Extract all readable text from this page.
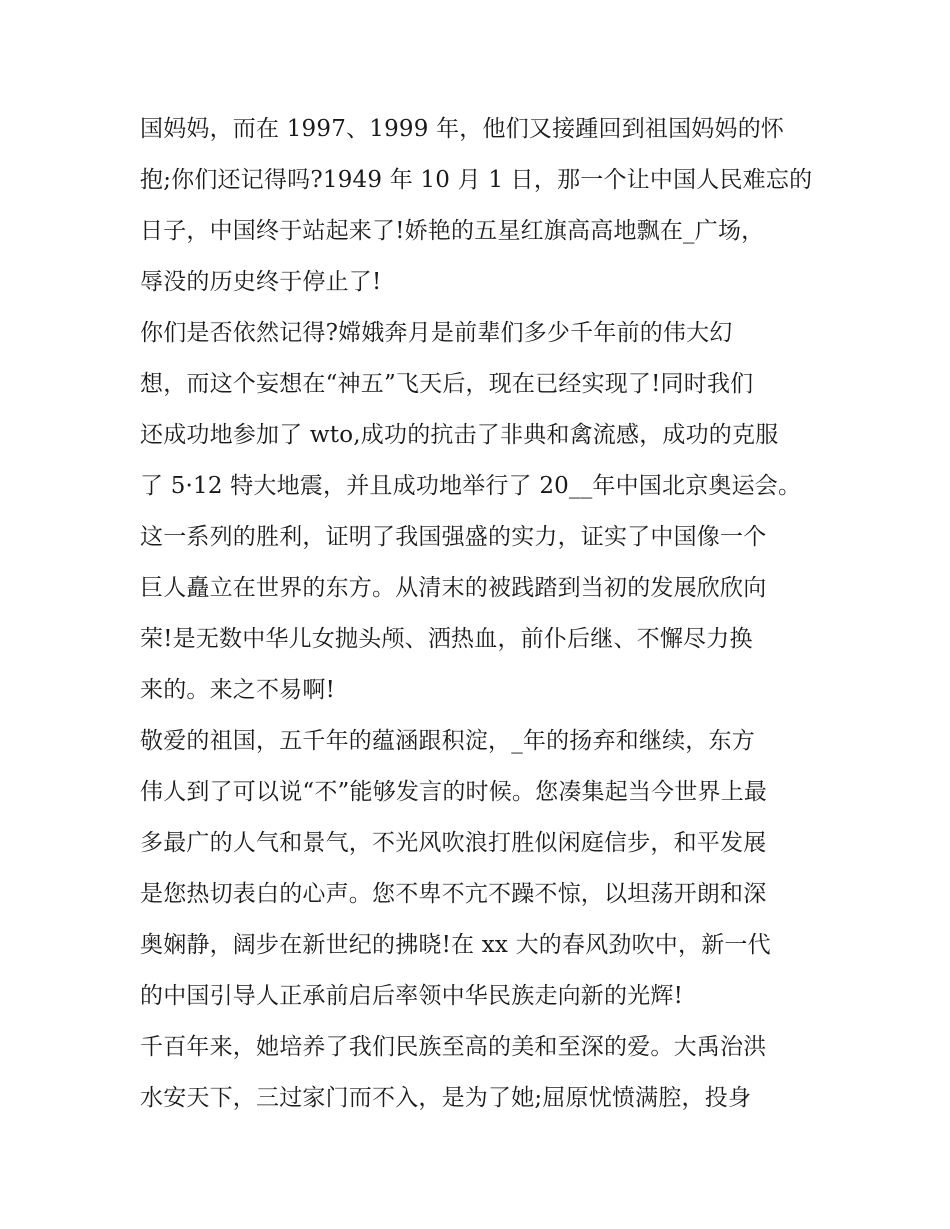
国妈妈，而在 1997、1999 年，他们又接踵回到祖国妈妈的怀
抱;你们还记得吗?1949 年 10 月 1 日，那一个让中国人民难忘的
日子，中国终于站起来了!娇艳的五星红旗高高地飘在_广场，
辱没的历史终于停止了!
你们是否依然记得?嫦娥奔月是前辈们多少千年前的伟大幻
想，而这个妄想在“神五”飞天后，现在已经实现了!同时我们
还成功地参加了 wto,成功的抗击了非典和禽流感，成功的克服
了 5·12 特大地震，并且成功地举行了 20__年中国北京奥运会。
这一系列的胜利，证明了我国强盛的实力，证实了中国像一个
巨人矗立在世界的东方。从清末的被践踏到当初的发展欣欣向
荣!是无数中华儿女抛头颅、洒热血，前仆后继、不懈尽力换
来的。来之不易啊!
敬爱的祖国，五千年的蕴涵跟积淀，_年的扬弃和继续，东方
伟人到了可以说“不”能够发言的时候。您凑集起当今世界上最
多最广的人气和景气，不光风吹浪打胜似闲庭信步，和平发展
是您热切表白的心声。您不卑不亢不躁不惊，以坦荡开朗和深
奥娴静，阔步在新世纪的拂晓!在 xx 大的春风劲吹中，新一代
的中国引导人正承前启后率领中华民族走向新的光辉!
千百年来，她培养了我们民族至高的美和至深的爱。大禹治洪
水安天下，三过家门而不入，是为了她;屈原忧愤满腔，投身
